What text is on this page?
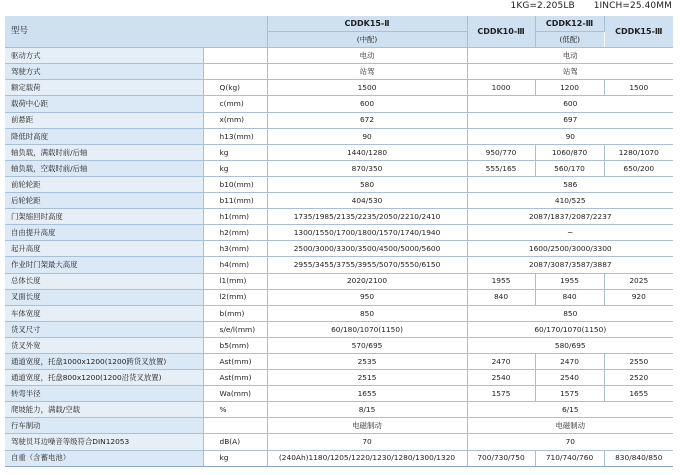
1KG=2.205LB 1INCH=25.40MM
型号		CDDK15-Ⅱ	CDDK10-Ⅲ	CDDK12-Ⅲ	CDDK15-Ⅲ
		(中配)		(低配)	
驱动方式		电动	电动		
驾驶方式		站驾	站驾		
额定载荷	Q(kg)	1500	1000	1200	1500
载荷中心距	c(mm)	600	600		
前悬距	x(mm)	672	697		
降低时高度	h13(mm)	90	90		
轴负载，满载时前/后轴	kg	1440/1280	950/770	1060/870	1280/1070
轴负载，空载时前/后轴	kg	870/350	555/165	560/170	650/200
前轮轮距	b10(mm)	580	586		
后轮轮距	b11(mm)	404/530	410/525		
门架缩回时高度	h1(mm)	1735/1985/2135/2235/2050/2210/2410	2087/1837/2087/2237		
自由提升高度	h2(mm)	1300/1550/1700/1800/1570/1740/1940	~		
起升高度	h3(mm)	2500/3000/3300/3500/4500/5000/5600	1600/2500/3000/3300		
作业时门架最大高度	h4(mm)	2955/3455/3755/3955/5070/5550/6150	2087/3087/3587/3887		
总体长度	l1(mm)	2020/2100	1955	1955	2025
叉面长度	l2(mm)	950	840	840	920
车体宽度	b(mm)	850	850		
货叉尺寸	s/e/l(mm)	60/180/1070(1150)	60/170/1070(1150)		
货叉外宽	b5(mm)	570/695	580/695		
通道宽度，托盘1000x1200(1200跨货叉放置)	Ast(mm)	2535	2470	2470	2550
通道宽度，托盘800x1200(1200沿货叉放置)	Ast(mm)	2515	2540	2540	2520
转弯半径	Wa(mm)	1655	1575	1575	1655
爬坡能力，满载/空载	%	8/15	6/15		
行车制动		电磁制动	电磁制动		
驾驶员耳边噪音等级符合DIN12053	dB(A)	70	70		
自重（含蓄电池）	kg	(240Ah)1180/1205/1220/1230/1280/1300/1320	700/730/750	710/740/760	830/840/850
